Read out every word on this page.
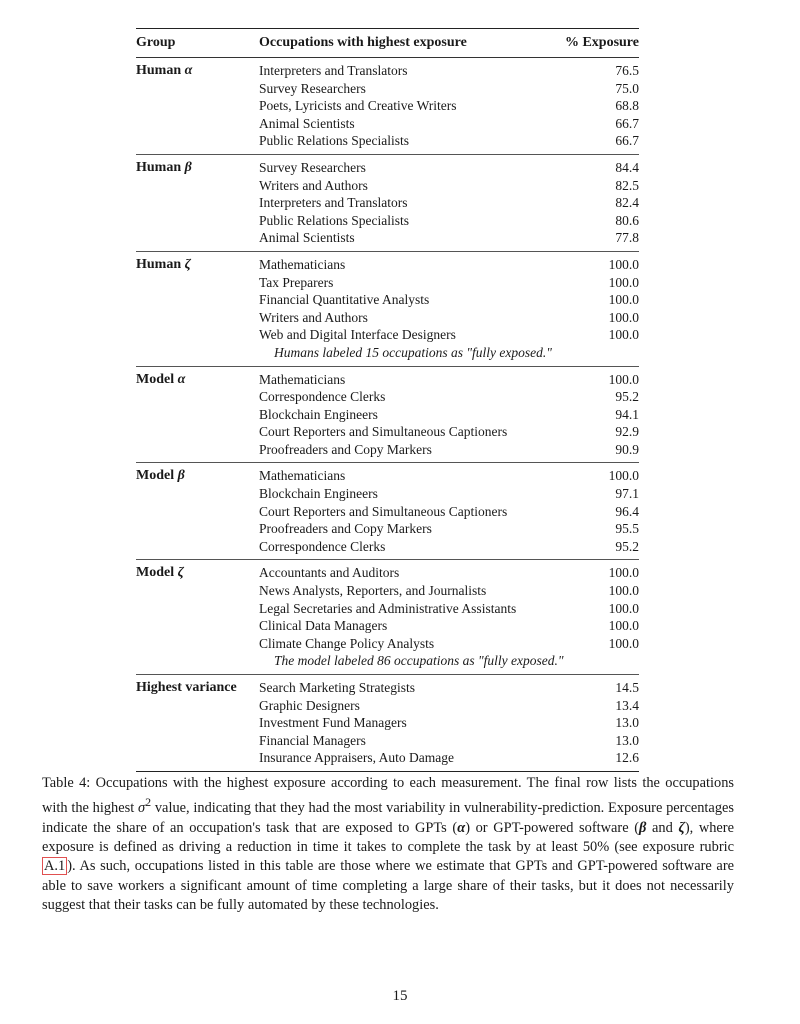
Group	Occupations with highest exposure	% Exposure
Human α	Interpreters and Translators	76.5
Survey Researchers	75.0
Poets, Lyricists and Creative Writers	68.8
Animal Scientists	66.7
Public Relations Specialists	66.7
Human β	Survey Researchers	84.4
Writers and Authors	82.5
Interpreters and Translators	82.4
Public Relations Specialists	80.6
Animal Scientists	77.8
Human ζ	Mathematicians	100.0
Tax Preparers	100.0
Financial Quantitative Analysts	100.0
Writers and Authors	100.0
Web and Digital Interface Designers	100.0
Humans labeled 15 occupations as "fully exposed."
Model α	Mathematicians	100.0
Correspondence Clerks	95.2
Blockchain Engineers	94.1
Court Reporters and Simultaneous Captioners	92.9
Proofreaders and Copy Markers	90.9
Model β	Mathematicians	100.0
Blockchain Engineers	97.1
Court Reporters and Simultaneous Captioners	96.4
Proofreaders and Copy Markers	95.5
Correspondence Clerks	95.2
Model ζ	Accountants and Auditors	100.0
News Analysts, Reporters, and Journalists	100.0
Legal Secretaries and Administrative Assistants	100.0
Clinical Data Managers	100.0
Climate Change Policy Analysts	100.0
The model labeled 86 occupations as "fully exposed."
Highest variance	Search Marketing Strategists	14.5
Graphic Designers	13.4
Investment Fund Managers	13.0
Financial Managers	13.0
Insurance Appraisers, Auto Damage	12.6
Table 4: Occupations with the highest exposure according to each measurement. The final row lists the occupations with the highest $\sigma^2$ value, indicating that they had the most variability in vulnerability-prediction. Exposure percentages indicate the share of an occupation's task that are exposed to GPTs (α) or GPT-powered software (β and ζ), where exposure is defined as driving a reduction in time it takes to complete the task by at least 50% (see exposure rubric A.1 ). As such, occupations listed in this table are those where we estimate that GPTs and GPT-powered software are able to save workers a significant amount of time completing a large share of their tasks, but it does not necessarily suggest that their tasks can be fully automated by these technologies.
15
